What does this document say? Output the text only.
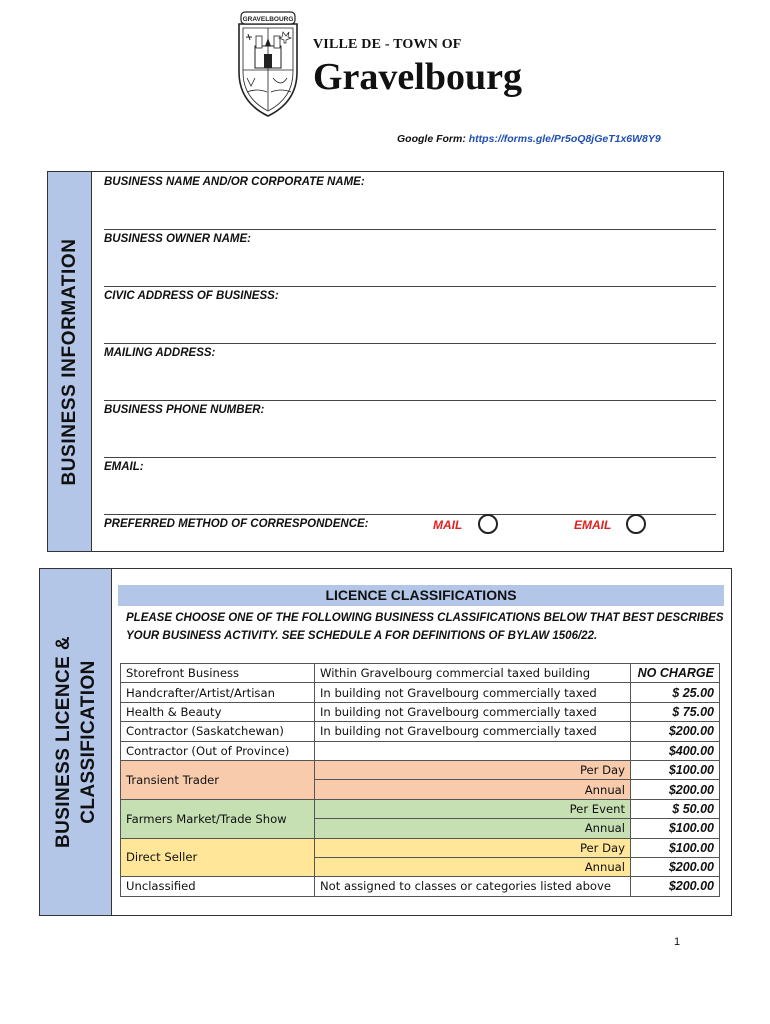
GRAVELBOURG
VILLE DE - TOWN OF
Gravelbourg
Google Form: https://forms.gle/Pr5oQ8jGeT1x6W8Y9
BUSINESS INFORMATION
BUSINESS NAME AND/OR CORPORATE NAME:
BUSINESS OWNER NAME:
CIVIC ADDRESS OF BUSINESS:
MAILING ADDRESS:
BUSINESS PHONE NUMBER:
EMAIL:
PREFERRED METHOD OF CORRESPONDENCE:	MAIL	EMAIL
BUSINESS LICENCE & CLASSIFICATION
LICENCE CLASSIFICATIONS
PLEASE CHOOSE ONE OF THE FOLLOWING BUSINESS CLASSIFICATIONS BELOW THAT BEST DESCRIBES YOUR BUSINESS ACTIVITY. SEE SCHEDULE A FOR DEFINITIONS OF BYLAW 1506/22.
Storefront Business	Within Gravelbourg commercial taxed building	NO CHARGE
Handcrafter/Artist/Artisan	In building not Gravelbourg commercially taxed	$ 25.00
Health & Beauty	In building not Gravelbourg commercially taxed	$ 75.00
Contractor (Saskatchewan)	In building not Gravelbourg commercially taxed	$200.00
Contractor (Out of Province)		$400.00
Transient Trader	Per Day	$100.00
	Annual	$200.00
Farmers Market/Trade Show	Per Event	$ 50.00
	Annual	$100.00
Direct Seller	Per Day	$100.00
	Annual	$200.00
Unclassified	Not assigned to classes or categories listed above	$200.00
1
